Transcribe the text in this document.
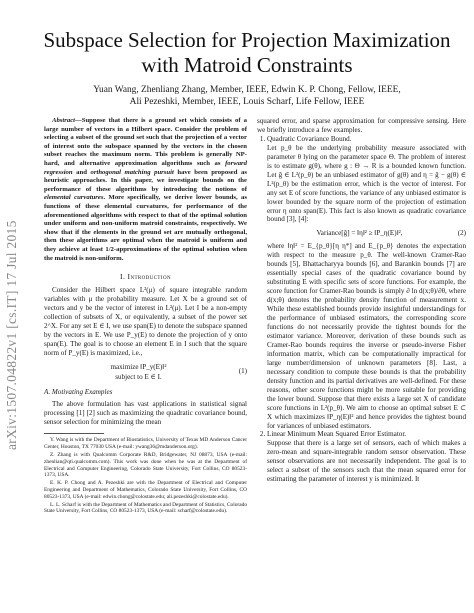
arXiv:1507.04822v1 [cs.IT] 17 Jul 2015
Subspace Selection for Projection Maximization with Matroid Constraints
Yuan Wang, Zhenliang Zhang, Member, IEEE, Edwin K. P. Chong, Fellow, IEEE,
Ali Pezeshki, Member, IEEE, Louis Scharf, Life Fellow, IEEE

Abstract—Suppose that there is a ground set which consists of a large number of vectors in a Hilbert space. Consider the problem of selecting a subset of the ground set such that the projection of a vector of interest onto the subspace spanned by the vectors in the chosen subset reaches the maximum norm. This problem is generally NP-hard, and alternative approximation algorithms such as forward regression and orthogonal matching pursuit have been proposed as heuristic approaches. In this paper, we investigate bounds on the performance of these algorithms by introducing the notions of elemental curvatures. More specifically, we derive lower bounds, as functions of these elemental curvatures, for performance of the aforementioned algorithms with respect to that of the optimal solution under uniform and non-uniform matroid constraints, respectively. We show that if the elements in the ground set are mutually orthogonal, then these algorithms are optimal when the matroid is uniform and they achieve at least 1/2-approximations of the optimal solution when the matroid is non-uniform.

I. Introduction

Consider the Hilbert space L²(μ) of square integrable random variables with μ the probability measure. Let X be a ground set of vectors and y be the vector of interest in L²(μ). Let I be a non-empty collection of subsets of X, or equivalently, a subset of the power set 2^X. For any set E ∈ I, we use span(E) to denote the subspace spanned by the vectors in E. We use P_y(E) to denote the projection of y onto span(E). The goal is to choose an element E in I such that the square norm of P_y(E) is maximized, i.e.,

maximize ‖P_y(E)‖²
subject to E ∈ I.
(1)
A. Motivating Examples

The above formulation has vast applications in statistical signal processing [1] [2] such as maximizing the quadratic covariance bound, sensor selection for minimizing the mean

Y. Wang is with the Department of Biostatistics, University of Texas MD Anderson Cancer Center, Houston, TX 77030 USA (e-mail: ywang36@mdanderson.org).

Z. Zhang is with Qualcomm Corporate R&D, Bridgewater, NJ 08873, USA (e-mail: zhenlian@qti.qualcomm.com). This work was done when he was at the Department of Electrical and Computer Engineering, Colorado State University, Fort Collins, CO 80523-1373, USA.

E. K. P. Chong and A. Pezeshki are with the Department of Electrical and Computer Engineering and Department of Mathematics, Colorado State University, Fort Collins, CO 80523-1373, USA (e-mail: edwin.chong@colostate.edu; ali.pezeshki@colostate.edu).

L. L. Scharf is with the Department of Mathematics and Department of Statistics, Colorado State University, Fort Collins, CO 80523-1373, USA (e-mail: scharf@colostate.edu).

squared error, and sparse approximation for compressive sensing. Here we briefly introduce a few examples.

1. Quadratic Covariance Bound.

Let p_θ be the underlying probability measure associated with parameter θ lying on the parameter space Θ. The problem of interest is to estimate g(θ), where g : Θ → R is a bounded known function. Let ĝ ∈ L²(p_θ) be an unbiased estimator of g(θ) and η = ĝ − g(θ) ∈ L²(p_θ) be the estimation error, which is the vector of interest. For any set E of score functions, the variance of any unbiased estimator is lower bounded by the square norm of the projection of estimation error η onto span(E). This fact is also known as quadratic covariance bound [3], [4]:

Variance[ĝ] = ‖η‖² ≥ ‖P_η(E)‖²,	(2)

where ‖η‖² = E_{p_θ}[η η*] and E_{p_θ} denotes the expectation with respect to the measure p_θ. The well-known Cramer-Rao bounds [5], Bhattacharyya bounds [6], and Barankin bounds [7] are essentially special cases of the quadratic covariance bound by substituting E with specific sets of score functions. For example, the score function for Cramer-Rao bounds is simply ∂ ln d(x;θ)/∂θ, where d(x;θ) denotes the probability density function of measurement x. While these established bounds provide insightful understandings for the performance of unbiased estimators, the corresponding score functions do not necessarily provide the tightest bounds for the estimator variance. Moreover, derivation of these bounds such as Cramer-Rao bounds requires the inverse or pseudo-inverse Fisher information matrix, which can be computationally impractical for large number/dimension of unknown parameters [8]. Last, a necessary condition to compute these bounds is that the probability density function and its partial derivatives are well-defined. For these reasons, other score functions might be more suitable for providing the lower bound. Suppose that there exists a large set X of candidate score functions in L²(p_θ). We aim to choose an optimal subset E ⊂ X which maximizes ‖P_η(E)‖² and hence provides the tightest bound for variances of unbiased estimators.

2. Linear Minimum Mean Squared Error Estimator.

Suppose that there is a large set of sensors, each of which makes a zero-mean and square-integrable random sensor observation. These sensor observations are not necessarily independent. The goal is to select a subset of the sensors such that the mean squared error for estimating the parameter of interest y is minimized. It
